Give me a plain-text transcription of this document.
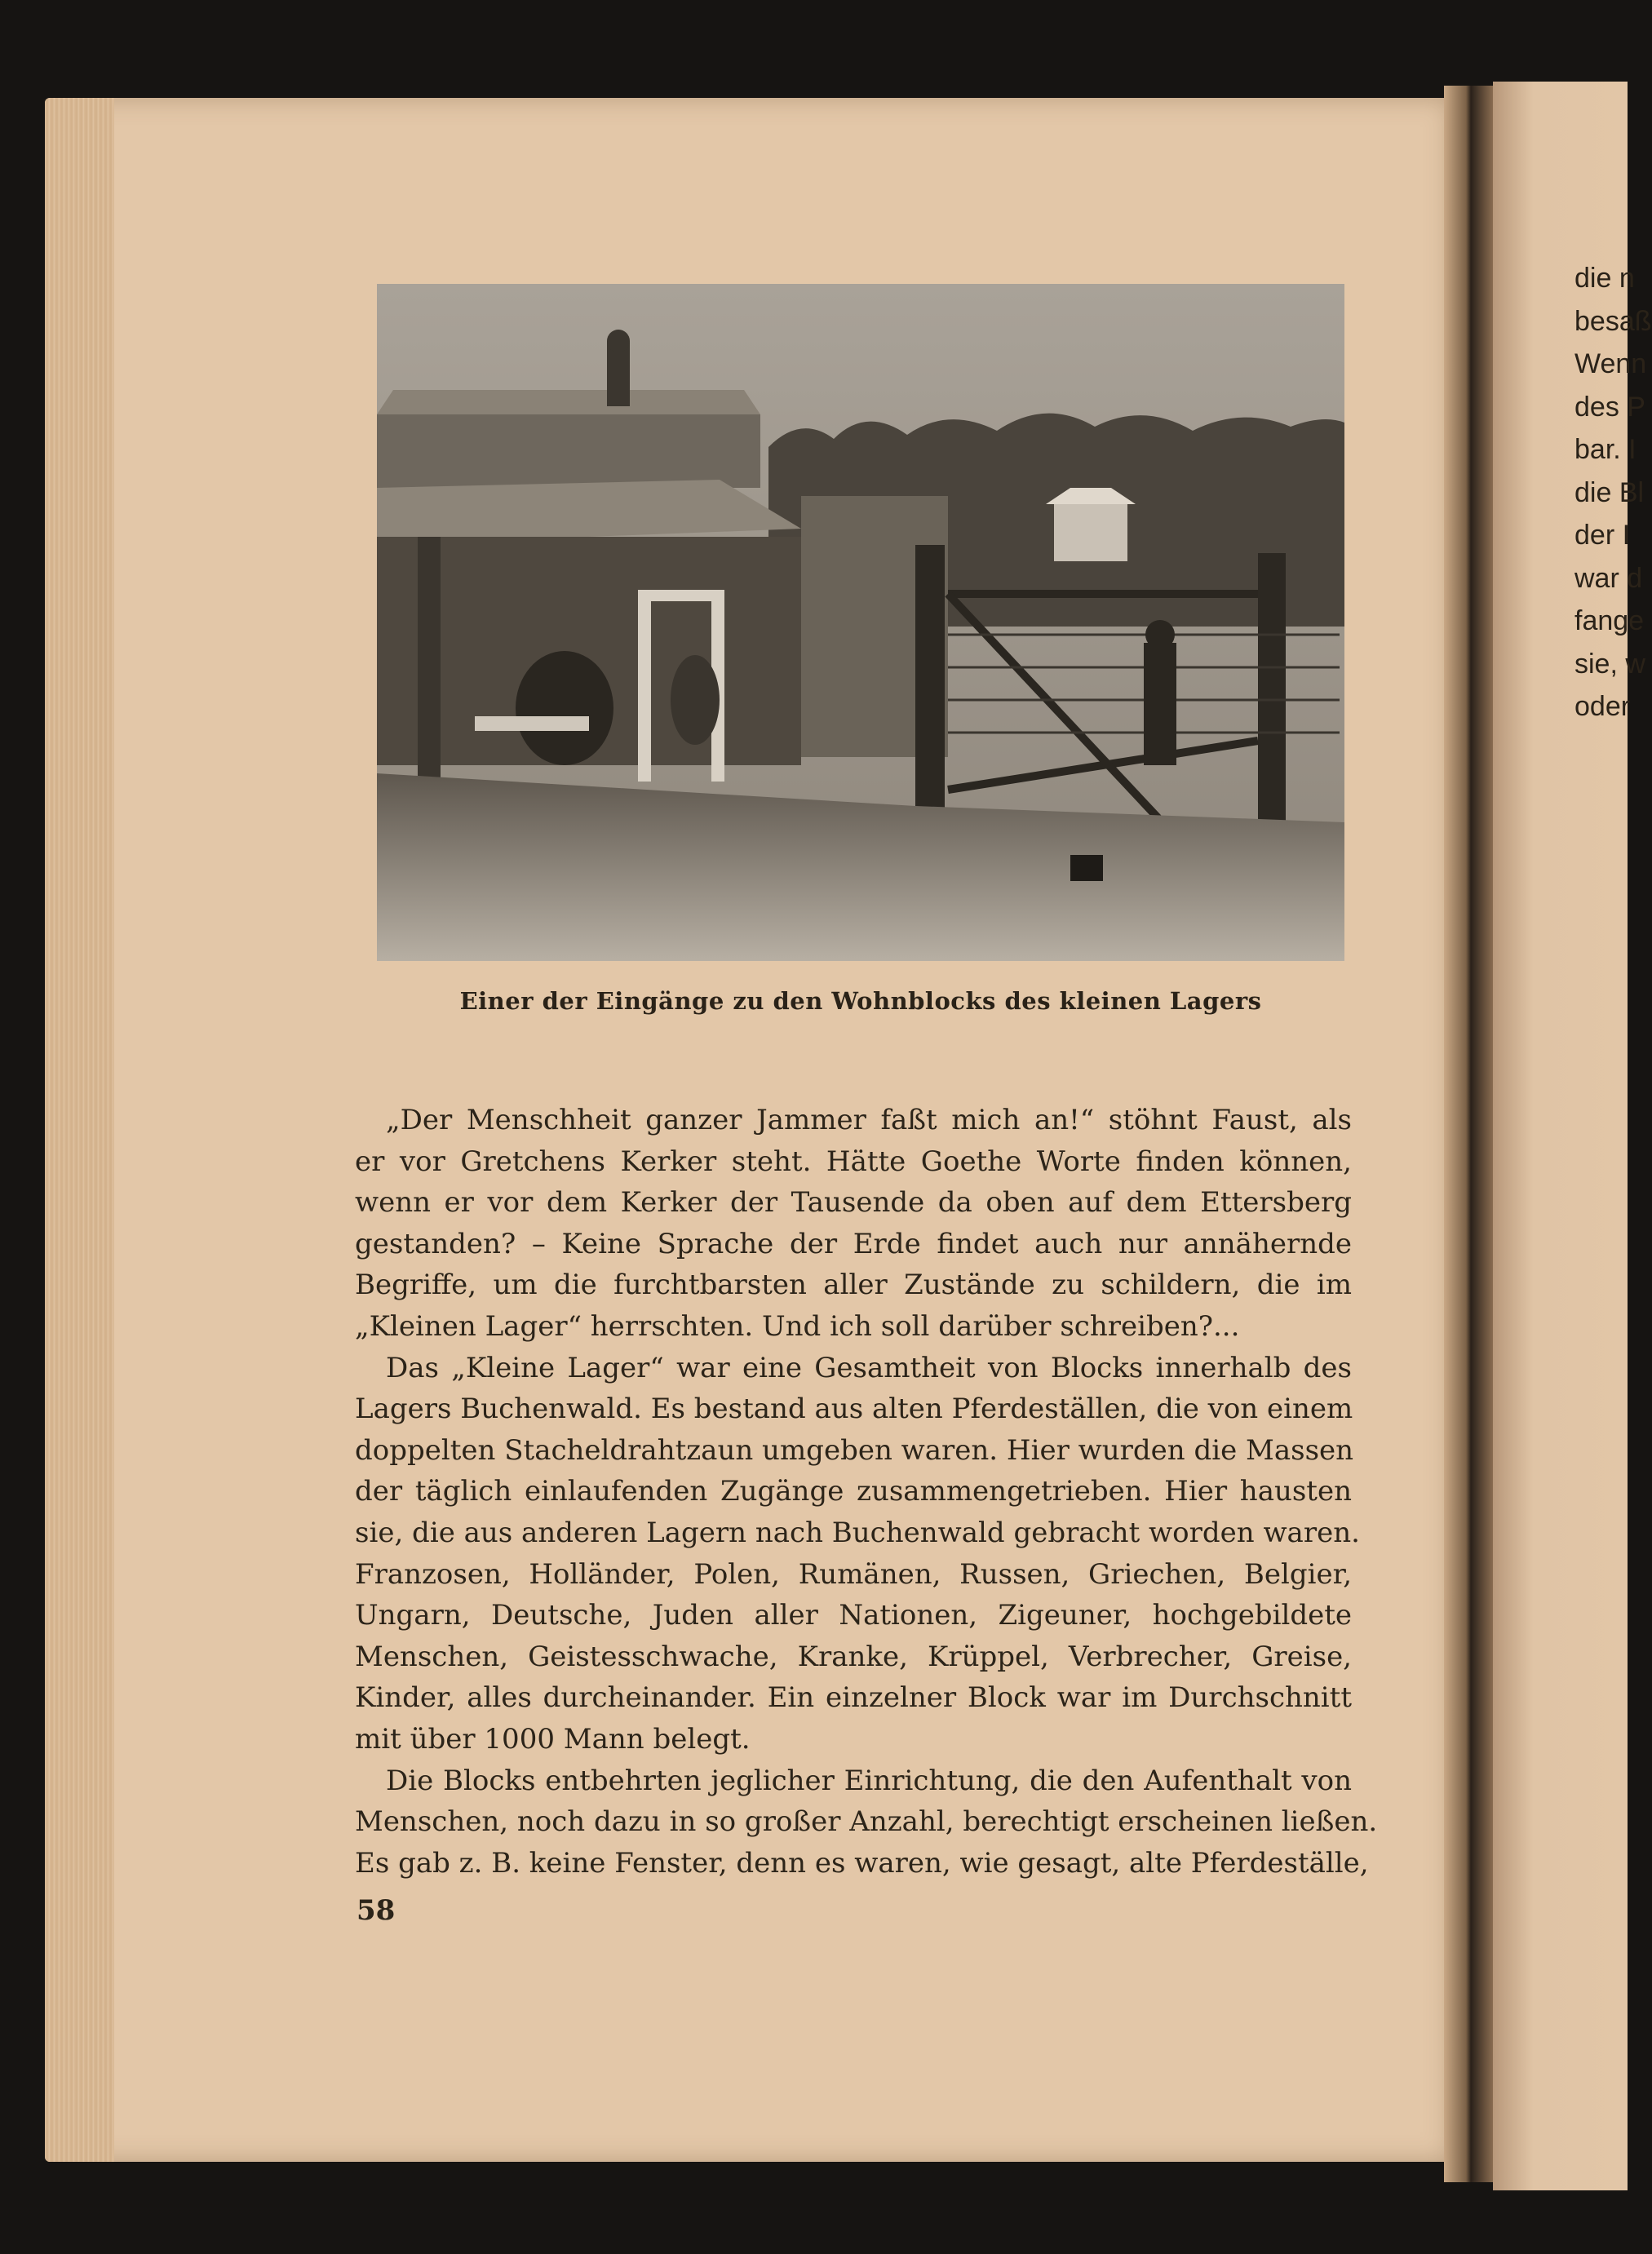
die n
besaß
Wenn
des P
bar. I
die Bl
der I
war d
fange
sie, w
oder
Einer der Eingänge zu den Wohnblocks des kleinen Lagers
„Der Menschheit ganzer Jammer faßt mich an!“ stöhnt Faust, als
er vor Gretchens Kerker steht. Hätte Goethe Worte finden können,
wenn er vor dem Kerker der Tausende da oben auf dem Ettersberg
gestanden? – Keine Sprache der Erde findet auch nur annähernde
Begriffe, um die furchtbarsten aller Zustände zu schildern, die im
„Kleinen Lager“ herrschten. Und ich soll darüber schreiben?...
Das „Kleine Lager“ war eine Gesamtheit von Blocks innerhalb des
Lagers Buchenwald. Es bestand aus alten Pferdeställen, die von einem
doppelten Stacheldrahtzaun umgeben waren. Hier wurden die Massen
der täglich einlaufenden Zugänge zusammengetrieben. Hier hausten
sie, die aus anderen Lagern nach Buchenwald gebracht worden waren.
Franzosen, Holländer, Polen, Rumänen, Russen, Griechen, Belgier,
Ungarn, Deutsche, Juden aller Nationen, Zigeuner, hochgebildete
Menschen, Geistesschwache, Kranke, Krüppel, Verbrecher, Greise,
Kinder, alles durcheinander. Ein einzelner Block war im Durchschnitt
mit über 1000 Mann belegt.
Die Blocks entbehrten jeglicher Einrichtung, die den Aufenthalt von
Menschen, noch dazu in so großer Anzahl, berechtigt erscheinen ließen.
Es gab z. B. keine Fenster, denn es waren, wie gesagt, alte Pferdeställe,
58
